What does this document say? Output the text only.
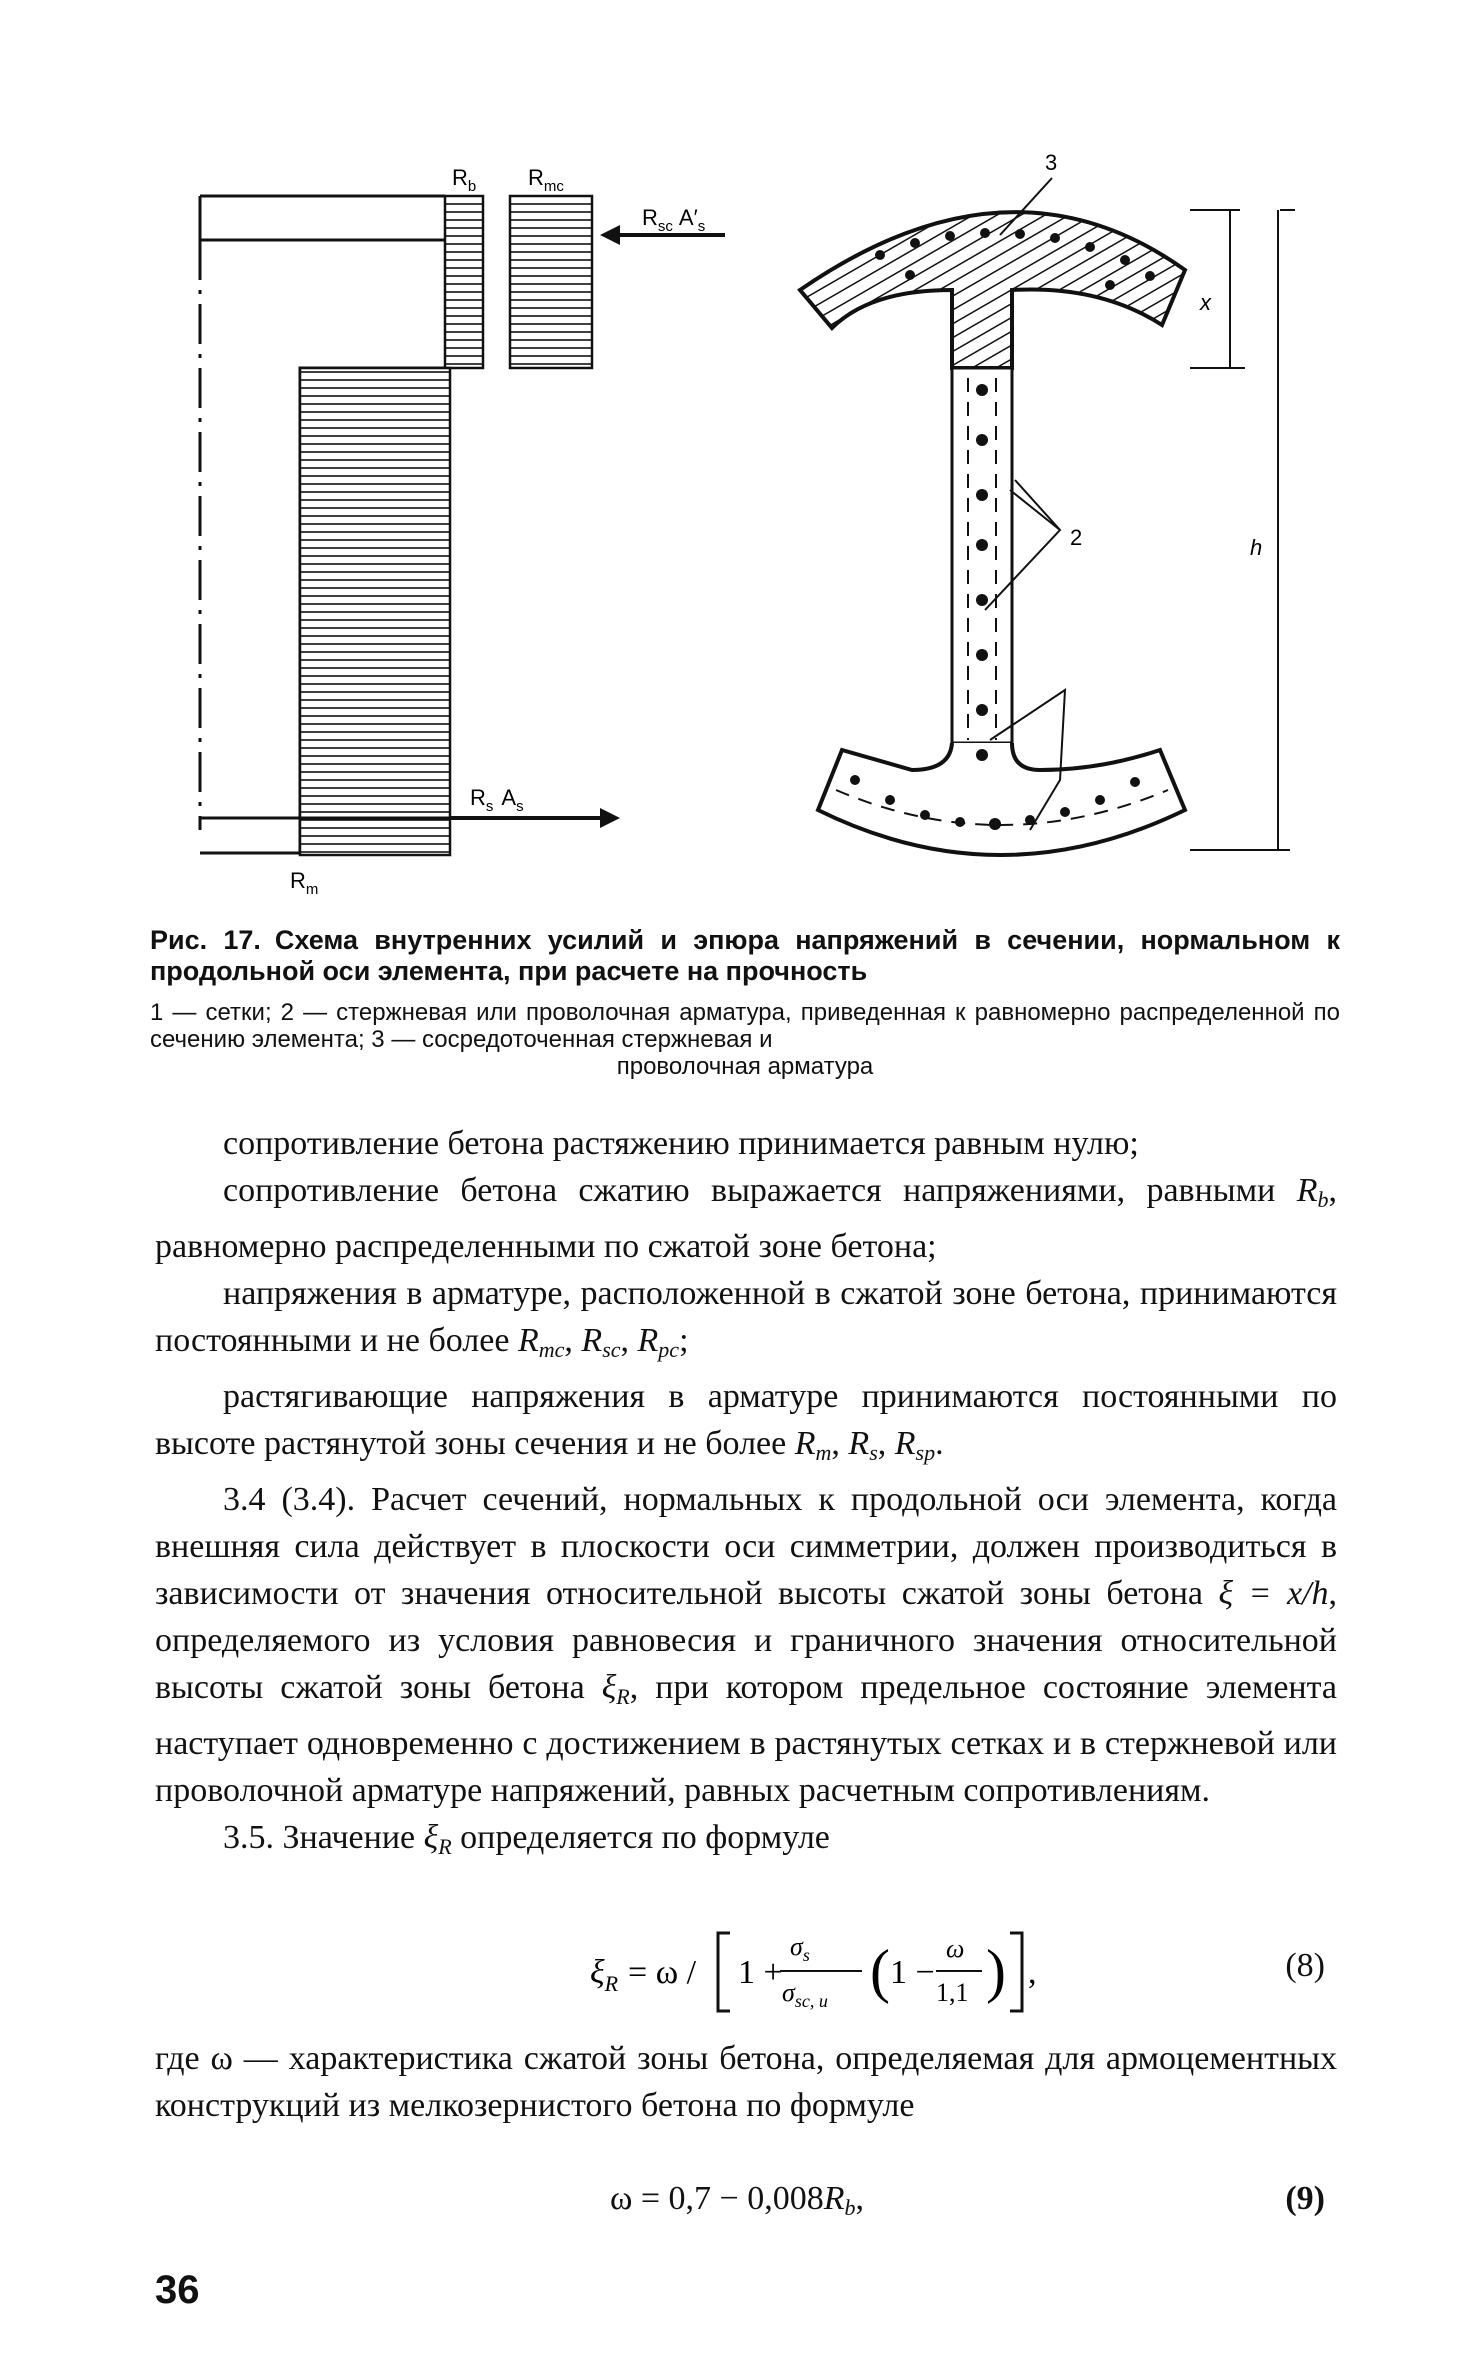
$R_b$ $R_{mc}$
$R_{sc}$ $A'_s$
$R_s$ $A_s$
$R_m$
3
2
x
h
Рис. 17. Схема внутренних усилий и эпюра напряжений в сечении, нормальном к продольной оси элемента, при расчете на прочность
1 — сетки; 2 — стержневая или проволочная арматура, приведенная к равномерно распределенной по сечению элемента; 3 — сосредоточенная стержневая и
проволочная арматура

сопротивление бетона растяжению принимается равным нулю;

сопротивление бетона сжатию выражается напряжениями, равными $R_b$, равномерно распределенными по сжатой зоне бетона;

напряжения в арматуре, расположенной в сжатой зоне бетона, принимаются постоянными и не более $R_{mc}$, $R_{sc}$, $R_{pc}$;

растягивающие напряжения в арматуре принимаются постоянными по высоте растянутой зоны сечения и не более $R_m$, $R_s$, $R_{sp}$.

3.4 (3.4). Расчет сечений, нормальных к продольной оси элемента, когда внешняя сила действует в плоскости оси симметрии, должен производиться в зависимости от значения относительной высоты сжатой зоны бетона ξ = x/h, определяемого из условия равновесия и граничного значения относительной высоты сжатой зоны бетона $\xi_R$, при котором предельное состояние элемента наступает одновременно с достижением в растянутых сетках и в стержневой или проволочной арматуре напряжений, равных расчетным сопротивлениям.

3.5. Значение $\xi_R$ определяется по формуле

$\xi_R = \omega / 1$ +
$\sigma_s$
$\sigma_{sc, u}$ ( 1 −
ω
1,1 ) ,	(8)

где ω — характеристика сжатой зоны бетона, определяемая для армоцементных конструкций из мелкозернистого бетона по формуле

$\omega = 0,7 - 0,008R_b$,	(9)
36
